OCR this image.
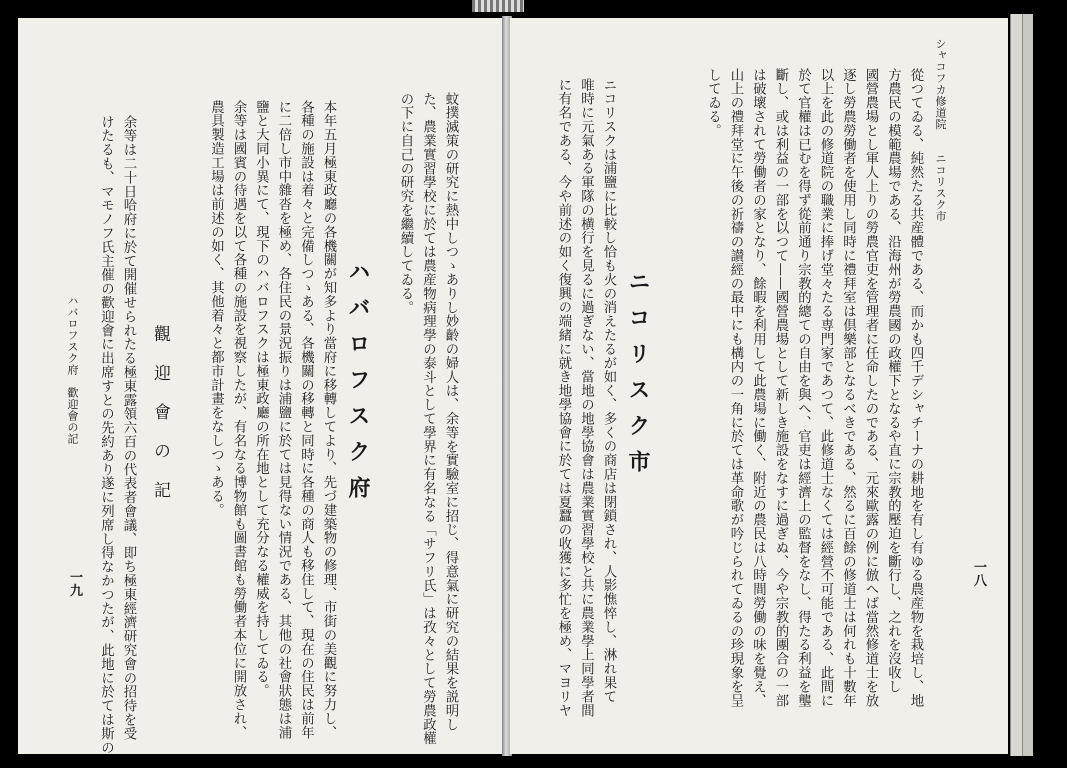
シャコフカ修道院　　ニコリスク市
一八
從つてゐる、純然たる共産體である、而かも四千デシャチーナの耕地を有し有ゆる農産物を栽培し、地
方農民の模範農場である、沿海州が勞農國の政權下となるや直に宗教的壓迫を斷行し、之れを沒收し
國營農場とし軍人上りの勞農官吏を管理者に任命したのである、元來歐露の例に倣へば當然修道士を放
逐し勞農勞働者を使用し同時に禮拜室は倶樂部となるべきである、然るに百餘の修道士は何れも十數年
以上を此の修道院の職業に捧げ堂々たる専門家であつて、此修道士なくては經營不可能である、此間に
於て官權は已むを得ず從前通り宗教的總ての自由を與へ、官吏は經濟上の監督をなし、得たる利益を壟
斷し、或は利益の一部を以つて——國營農場として新しき施設をなすに過ぎぬ、今や宗教的團合の一部
は破壞されて勞働者の家となり、餘暇を利用して此農場に働く、附近の農民は八時間勞働の味を覺え、
山上の禮拜堂に午後の祈禱の讃經の最中にも構内の一角に於ては革命歌が吟じられてゐるの珍現象を呈
してゐる。
ニコリスク市
ニコリスクは浦鹽に比較し恰も火の消えたるが如く、多くの商店は閉鎖され、人影憔悴し、淋れ果て
唯時に元氣ある軍隊の横行を見るに過ぎない、當地の地學協會は農業實習學校と共に農業學上同學者間
に有名である、今や前述の如く復興の端緒に就き地學協會に於ては夏蠶の收獲に多忙を極め、マヨリヤ
蚊撲滅策の研究に熱中しつゝありし妙齡の婦人は、余等を實驗室に招じ、得意氣に研究の結果を説明し
た、農業實習學校に於ては農産物病理學の泰斗として學界に有名なる「サフリ氏」は孜々として勞農政權
の下に自己の研究を繼續してゐる。
ハバロフスク府
本年五月極東政廳の各機關が知多より當府に移轉してより、先づ建築物の修理、市街の美觀に努力し、
各種の施設は着々と完備しつゝある、各機關の移轉と同時に各種の商人も移住して、現在の住民は前年
に二倍し市中雜沓を極め、各住民の景況振りは浦鹽に於ては見得ない情況である、其他の社會狀態は浦
鹽と大同小異にて、現下のハバロフスクは極東政廳の所在地として充分なる權威を持してゐる。
余等は國賓の待遇を以て各種の施設を視察したが、有名なる博物館も圖書館も勞働者本位に開放され、
農具製造工場は前述の如く、其他着々と都市計畫をなしつゝある。
觀迎會の記
余等は二十日哈府に於て開催せられたる極東露領六百の代表者會議、即ち極東經濟研究會の招待を受
けたるも、マモノフ氏主催の歡迎會に出席すとの先約あり遂に列席し得なかつたが、此地に於ては斯の
ハバロフスク府　歡迎會の記
一九
